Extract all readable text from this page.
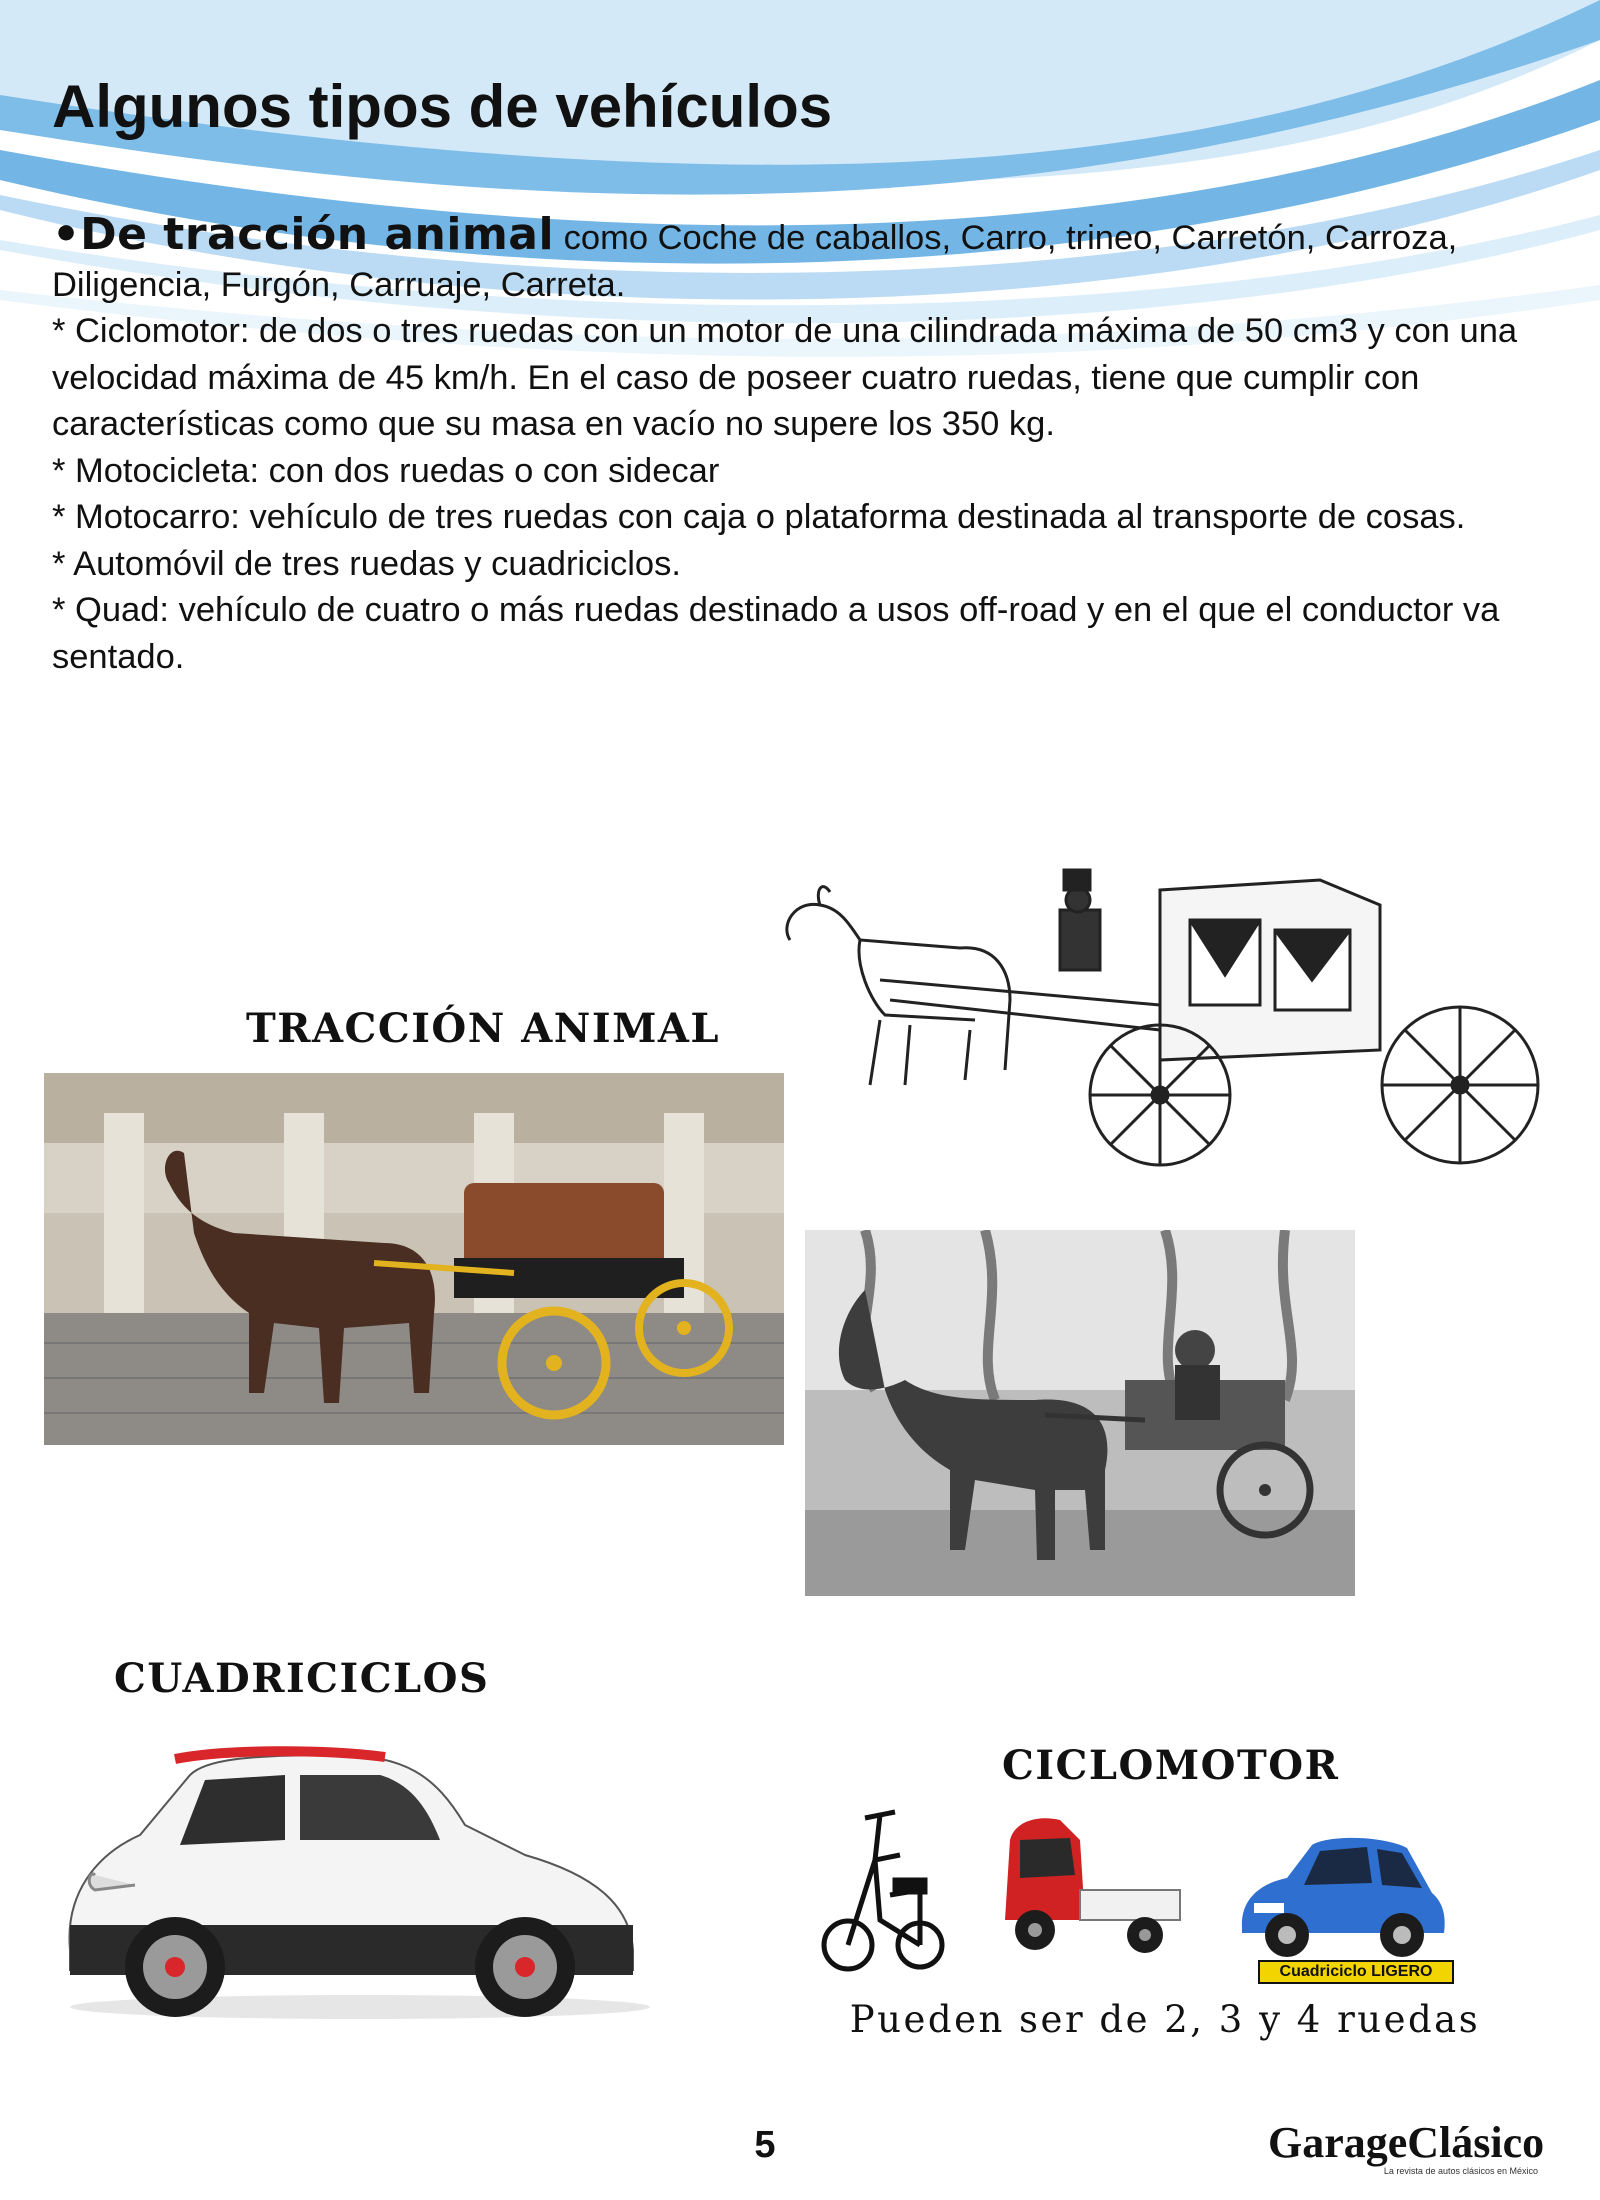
Algunos tipos de vehículos

•De tracción animal como Coche de caballos, Carro, trineo, Carretón, Carroza, Diligencia, Furgón, Carruaje, Carreta.

* Ciclomotor: de dos o tres ruedas con un motor de una cilindrada máxima de 50 cm3 y con una velocidad máxima de 45 km/h. En el caso de poseer cuatro ruedas, tiene que cumplir con características como que su masa en vacío no supere los 350 kg.

* Motocicleta: con dos ruedas o con sidecar

* Motocarro: vehículo de tres ruedas con caja o plataforma destinada al transporte de cosas.

* Automóvil de tres ruedas y cuadriciclos.

* Quad: vehículo de cuatro o más ruedas destinado a usos off-road y en el que el conductor va sentado.

TRACCIÓN ANIMAL
CUADRICICLOS
CICLOMOTOR
Cuadriciclo LIGERO
Pueden ser de 2, 3 y 4 ruedas
5	GarageClásico
La revista de autos clásicos en México
